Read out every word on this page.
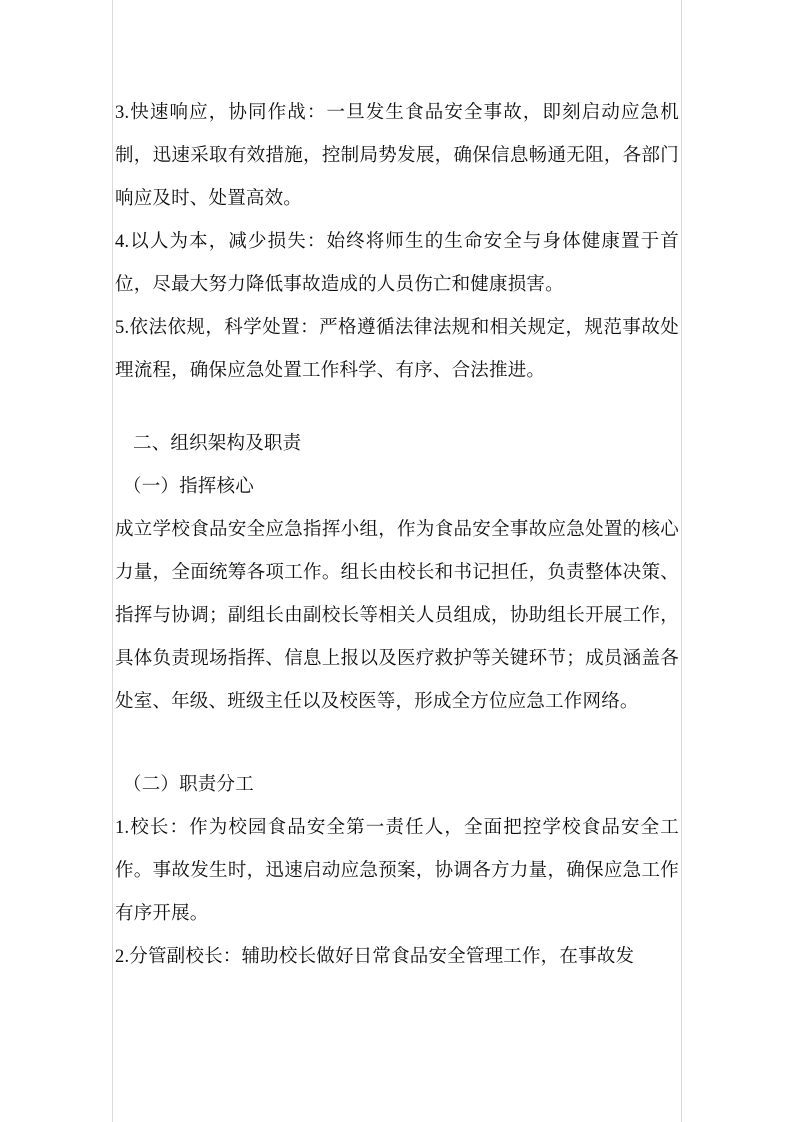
3.快速响应，协同作战：一旦发生食品安全事故，即刻启动应急机制，迅速采取有效措施，控制局势发展，确保信息畅通无阻，各部门响应及时、处置高效。

4.以人为本，减少损失：始终将师生的生命安全与身体健康置于首位，尽最大努力降低事故造成的人员伤亡和健康损害。

5.依法依规，科学处置：严格遵循法律法规和相关规定，规范事故处理流程，确保应急处置工作科学、有序、合法推进。

二、组织架构及职责

（一）指挥核心

成立学校食品安全应急指挥小组，作为食品安全事故应急处置的核心力量，全面统筹各项工作。组长由校长和书记担任，负责整体决策、指挥与协调；副组长由副校长等相关人员组成，协助组长开展工作，具体负责现场指挥、信息上报以及医疗救护等关键环节；成员涵盖各处室、年级、班级主任以及校医等，形成全方位应急工作网络。

（二）职责分工

1.校长：作为校园食品安全第一责任人，全面把控学校食品安全工作。事故发生时，迅速启动应急预案，协调各方力量，确保应急工作有序开展。

2.分管副校长：辅助校长做好日常食品安全管理工作，在事故发
